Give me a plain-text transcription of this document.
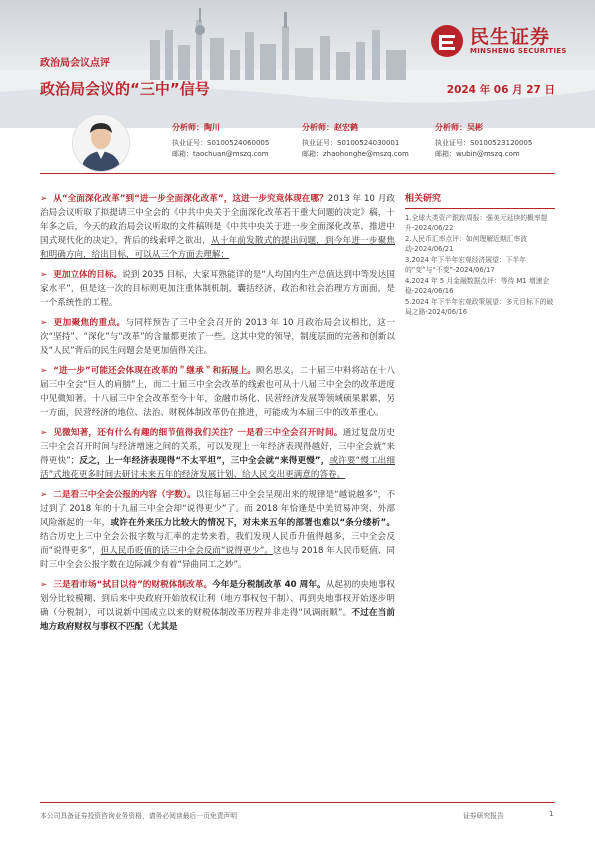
民生证券
MINSHENG SECURITIES
政治局会议点评
政治局会议的“三中”信号	2024 年 06 月 27 日
分析师：陶川
执业证号：S0100524060005
邮箱：taochuan@mszq.com
分析师：赵宏鹤
执业证号：S0100524030001
邮箱：zhaohonghe@mszq.com
分析师：吴彬
执业证号：S0100523120005
邮箱：wubin@mszq.com

➢ 从“全面深化改革”到“进一步全面深化改革”，这进一步究竟体现在哪？2013 年 10 月政治局会议听取了拟提请三中全会的《中共中央关于全面深化改革若干重大问题的决定》稿，十年多之后，今天的政治局会议听取的文件稿则是《中共中央关于进一步全面深化改革、推进中国式现代化的决定》，背后的线索呼之欲出，从十年前发散式的提出问题，到今年进一步聚焦和明确方向，给出目标，可以从三个方面去理解：

➢ 更加立体的目标。说到 2035 目标，大家耳熟能详的是“人均国内生产总值达到中等发达国家水平”，但是这一次的目标则更加注重体制机制，囊括经济、政治和社会治理方方面面，是一个系统性的工程。

➢ 更加聚焦的重点。与同样预告了三中全会召开的 2013 年 10 月政治局会议相比，这一次“坚持”、“深化”与“改革”的含量都更浓了一些。这其中党的领导，制度层面的完善和创新以及“人民”背后的民生问题会是更加值得关注。

➢ “进一步”可能还会体现在改革的＂继承＂和拓展上。顾名思义，二十届三中料将站在十八届三中全会“巨人的肩膀”上，而二十届三中全会改革的线索也可从十八届三中全会的改革进度中见微知著。十八届三中全会改革至今十年，金融市场化、民营经济发展等领域硕果累累，另一方面，民营经济的地位、法治、财税体制改革仍在推进，可能成为本届三中的改革重心。

➢ 见微知著，还有什么有趣的细节值得我们关注？一是看三中全会召开时间。通过复盘历史三中全会召开时间与经济增速之间的关系，可以发现上一年经济表现得越好，三中全会就“来得更快”；反之，上一年经济表现得“不太平坦”，三中全会就“来得更慢”，或许要“慢工出细活”式地花更多时间去研讨未来五年的经济发展计划、给人民交出更满意的答卷。

➢ 二是看三中全会公报的内容（字数）。以往每届三中全会呈现出来的规律是“越说越多”，不过到了 2018 年的十九届三中全会却“说得更少”了。而 2018 年恰逢是中美贸易冲突、外部风险渐起的一年，或许在外来压力比较大的情况下，对未来五年的部署也难以“条分缕析”。结合历史上三中全会公报字数与汇率的走势来看，我们发现人民币升值得越多，三中全会反而“说得更多”，但人民币贬值的话三中全会反而“说得更少”。这也与 2018 年人民币贬值、同时三中全会公报字数在边际减少有着“异曲同工之妙”。

➢ 三是看市场“拭目以待”的财税体制改革。今年是分税制改革 40 周年。从起初的央地事权划分比较模糊、到后来中央政府开始放权让利（地方事权包干制）、再到央地事权开始逐步明确（分税制），可以说新中国成立以来的财税体制改革历程并非走得“风调雨顺”。不过在当前地方政府财权与事权不匹配（尤其是

相关研究
1.全球大类资产跟踪周报：强美元延续的概率提升-2024/06/22
2.人民币汇率点评：如何理解近期汇率波动-2024/06/21
3.2024 年下半年宏观经济展望：下半年的“变”与“不变”-2024/06/17
4.2024 年 5 月金融数据点评：等待 M1 增速企稳-2024/06/16
5.2024 年下半年宏观政策展望：多元目标下的破局之路-2024/06/16
本公司具备证券投资咨询业务资格，请务必阅读最后一页免责声明	证券研究报告	1
